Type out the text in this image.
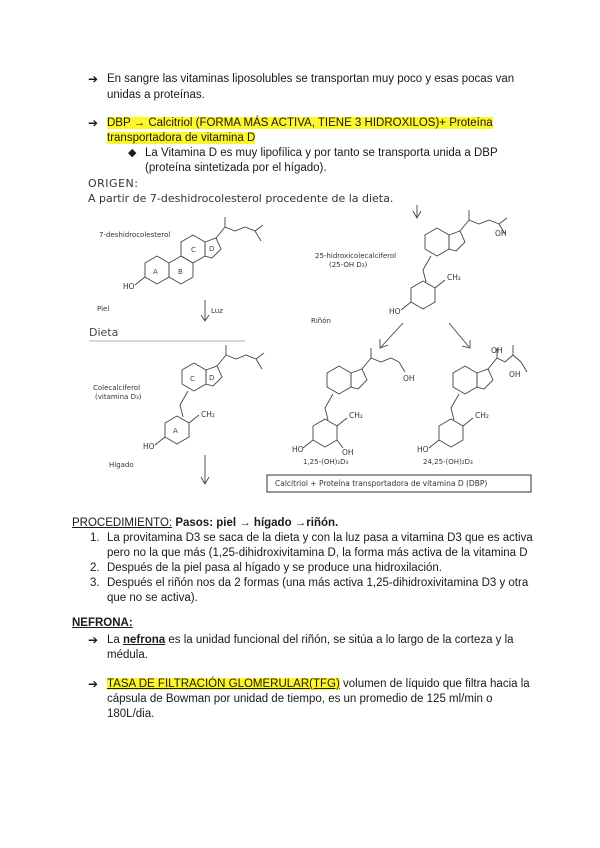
➔ En sangre las vitaminas liposolubles se transportan muy poco y esas pocas van
unidas a proteínas.
➔ DBP → Calcitriol (FORMA MÁS ACTIVA, TIENE 3 HIDROXILOS)+ Proteína
transportadora de vitamina D
◆ La Vitamina D es muy lipofílica y por tanto se transporta unida a DBP
(proteína sintetizada por el hígado).
ORIGEN:
A partir de 7-deshidrocolesterol procedente de la dieta.
A	B
C D
A
C D
HO
HO
CH₂
HO
CH₂
OH
HO	OH
CH₂
OH
HO
CH₂
OH
OH
7-deshidrocolesterol
Piel	Luz
Dieta
Colecalciferol
(vitamina D₃)
Hígado
25-hidroxicolecalciferol
(25-OH D₃)
Riñón
1,25-(OH)₂D₃	24,25-(OH)₂D₃
Calcitriol + Proteína transportadora de vitamina D (DBP)
PROCEDIMIENTO: Pasos: piel → hígado →riñón.
1. La provitamina D3 se saca de la dieta y con la luz pasa a vitamina D3 que es activa
pero no la que más (1,25-dihidroxivitamina D, la forma más activa de la vitamina D
2. Después de la piel pasa al hígado y se produce una hidroxilación.
3. Después el riñón nos da 2 formas (una más activa 1,25-dihidroxivitamina D3 y otra
que no se activa).
NEFRONA:
➔ La nefrona es la unidad funcional del riñón, se sitúa a lo largo de la corteza y la
médula.
➔ TASA DE FILTRACIÓN GLOMERULAR(TFG) volumen de líquido que filtra hacia la
cápsula de Bowman por unidad de tiempo, es un promedio de 125 ml/min o
180L/dia.
